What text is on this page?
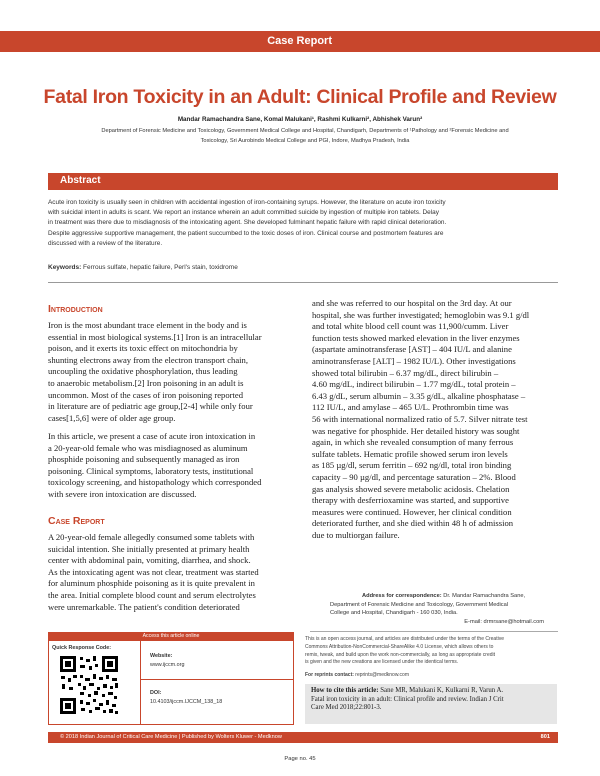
Case Report
Fatal Iron Toxicity in an Adult: Clinical Profile and Review
Mandar Ramachandra Sane, Komal Malukani¹, Rashmi Kulkarni², Abhishek Varun²
Department of Forensic Medicine and Toxicology, Government Medical College and Hospital, Chandigarh, Departments of ¹Pathology and ²Forensic Medicine and
Toxicology, Sri Aurobindo Medical College and PGI, Indore, Madhya Pradesh, India
Abstract
Acute iron toxicity is usually seen in children with accidental ingestion of iron-containing syrups. However, the literature on acute iron toxicity
with suicidal intent in adults is scant. We report an instance wherein an adult committed suicide by ingestion of multiple iron tablets. Delay
in treatment was there due to misdiagnosis of the intoxicating agent. She developed fulminant hepatic failure with rapid clinical deterioration.
Despite aggressive supportive management, the patient succumbed to the toxic doses of iron. Clinical course and postmortem features are
discussed with a review of the literature.
Keywords: Ferrous sulfate, hepatic failure, Perl's stain, toxidrome
Introduction
Iron is the most abundant trace element in the body and is
essential in most biological systems.[1] Iron is an intracellular
poison, and it exerts its toxic effect on mitochondria by
shunting electrons away from the electron transport chain,
uncoupling the oxidative phosphorylation, thus leading
to anaerobic metabolism.[2] Iron poisoning in an adult is
uncommon. Most of the cases of iron poisoning reported
in literature are of pediatric age group,[2-4] while only four
cases[1,5,6] were of older age group.
In this article, we present a case of acute iron intoxication in
a 20-year-old female who was misdiagnosed as aluminum
phosphide poisoning and subsequently managed as iron
poisoning. Clinical symptoms, laboratory tests, institutional
toxicology screening, and histopathology which corresponded
with severe iron intoxication are discussed.
Case Report
A 20-year-old female allegedly consumed some tablets with
suicidal intention. She initially presented at primary health
center with abdominal pain, vomiting, diarrhea, and shock.
As the intoxicating agent was not clear, treatment was started
for aluminum phosphide poisoning as it is quite prevalent in
the area. Initial complete blood count and serum electrolytes
were unremarkable. The patient's condition deteriorated
and she was referred to our hospital on the 3rd day. At our
hospital, she was further investigated; hemoglobin was 9.1 g/dl
and total white blood cell count was 11,900/cumm. Liver
function tests showed marked elevation in the liver enzymes
(aspartate aminotransferase [AST] – 404 IU/L and alanine
aminotransferase [ALT] – 1982 IU/L). Other investigations
showed total bilirubin – 6.37 mg/dL, direct bilirubin –
4.60 mg/dL, indirect bilirubin – 1.77 mg/dL, total protein –
6.43 g/dL, serum albumin – 3.35 g/dL, alkaline phosphatase –
112 IU/L, and amylase – 465 U/L. Prothrombin time was
56 with international normalized ratio of 5.7. Silver nitrate test
was negative for phosphide. Her detailed history was sought
again, in which she revealed consumption of many ferrous
sulfate tablets. Hematic profile showed serum iron levels
as 185 µg/dl, serum ferritin – 692 ng/dl, total iron binding
capacity – 90 µg/dl, and percentage saturation – 2%. Blood
gas analysis showed severe metabolic acidosis. Chelation
therapy with desferrioxamine was started, and supportive
measures were continued. However, her clinical condition
deteriorated further, and she died within 48 h of admission
due to multiorgan failure.
Address for correspondence: Dr. Mandar Ramachandra Sane,
Department of Forensic Medicine and Toxicology, Government Medical
College and Hospital, Chandigarh - 160 030, India.
E-mail: drmrsane@hotmail.com
This is an open access journal, and articles are distributed under the terms of the Creative
Commons Attribution-NonCommercial-ShareAlike 4.0 License, which allows others to
remix, tweak, and build upon the work non-commercially, as long as appropriate credit
is given and the new creations are licensed under the identical terms.
For reprints contact: reprints@medknow.com
How to cite this article: Sane MR, Malukani K, Kulkarni R, Varun A.
Fatal iron toxicity in an adult: Clinical profile and review. Indian J Crit
Care Med 2018;22:801-3.
Access this article online
Quick Response Code:
Website:
www.ijccm.org
DOI:
10.4103/ijccm.IJCCM_138_18
© 2018 Indian Journal of Critical Care Medicine | Published by Wolters Kluwer - Medknow	801
Page no. 45
